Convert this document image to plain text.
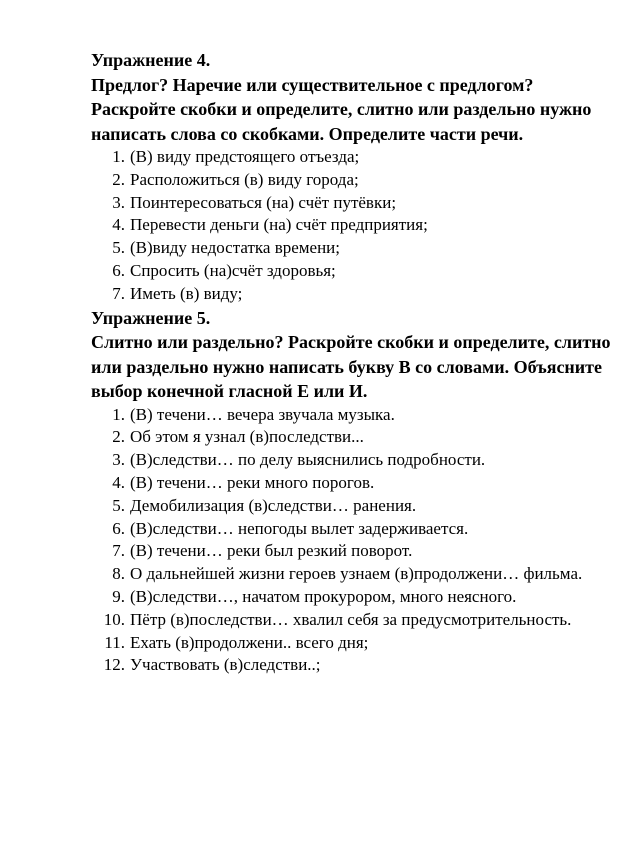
Упражнение 4.

Предлог? Наречие или существительное с предлогом? Раскройте скобки и определите, слитно или раздельно нужно написать слова со скобками. Определите части речи.

1. (В) виду предстоящего отъезда;
2. Расположиться (в) виду города;
3. Поинтересоваться (на) счёт путёвки;
4. Перевести деньги (на) счёт предприятия;
5. (В)виду недостатка времени;
6. Спросить (на)счёт здоровья;
7. Иметь (в) виду;

Упражнение 5.

Слитно или раздельно? Раскройте скобки и определите, слитно или раздельно нужно написать букву В со словами. Объясните выбор конечной гласной Е или И.

1. (В) течени… вечера звучала музыка.
2. Об этом я узнал (в)последстви...
3. (В)следстви… по делу выяснились подробности.
4. (В) течени… реки много порогов.
5. Демобилизация (в)следстви… ранения.
6. (В)следстви… непогоды вылет задерживается.
7. (В) течени… реки был резкий поворот.
8. О дальнейшей жизни героев узнаем (в)продолжени… фильма.
9. (В)следстви…, начатом прокурором, много неясного.
10. Пётр (в)последстви… хвалил себя за предусмотрительность.
11. Ехать (в)продолжени.. всего дня;
12. Участвовать (в)следстви..;
